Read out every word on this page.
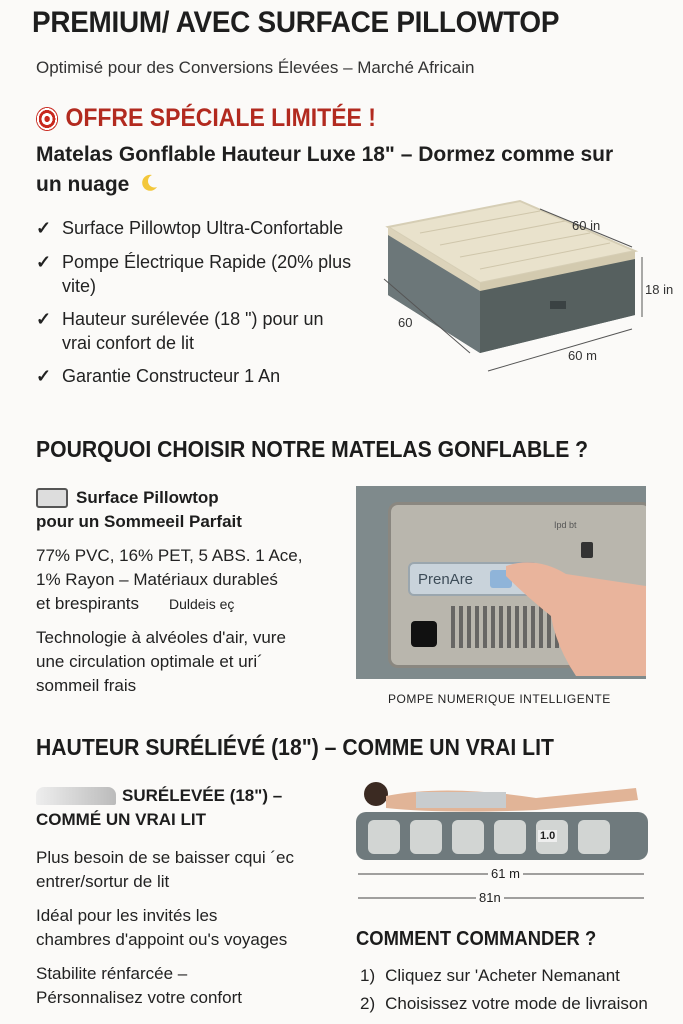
PREMIUM/ AVEC SURFACE PILLOWTOP
Optimisé pour des Conversions Élevées – Marché Africain
OFFRE SPÉCIALE LIMITÉE !
Matelas Gonflable Hauteur Luxe 18" – Dormez comme sur
un nuage
✓ Surface Pillowtop Ultra-Confortable
✓ Pompe Électrique Rapide (20% plus
vite)
✓ Hauteur surélevée (18 ") pour un
vrai confort de lit
✓ Garantie Constructeur 1 An
60 in
18 in
60
60 m
POURQUOI CHOISIR NOTRE MATELAS GONFLABLE ?
Surface Pillowtop
pour un Sommeeil Parfait
77% PVC, 16% PET, 5 ABS. 1 Ace,
1% Rayon – Matériaux durablеś
et brespirants Duldeis eç
Technologie à alvéoles d'air, vure
une circulation optimale et uri´
sommeil frais
PrenAre
Ipd bt
POMPE NUMERIQUE INTELLIGENTE
HAUTEUR SURÉLIÉVÉ (18") – COMME UN VRAI LIT
SURÉLEVÉE (18") –
COMMÉ UN VRAI LIT
Plus besoin de se baisser cqui ´ec
entrer/sortur de lit
Idéal pour les invités les
chambres d'appoint ou's voyages
Stabilite rénfarcée –
Pérsonnalisez votre confort
1.0
61 m
81n
COMMENT COMMANDER ?
1) Cliquez sur 'Acheter Nemanant
2) Choisissez votre mode de livraison
